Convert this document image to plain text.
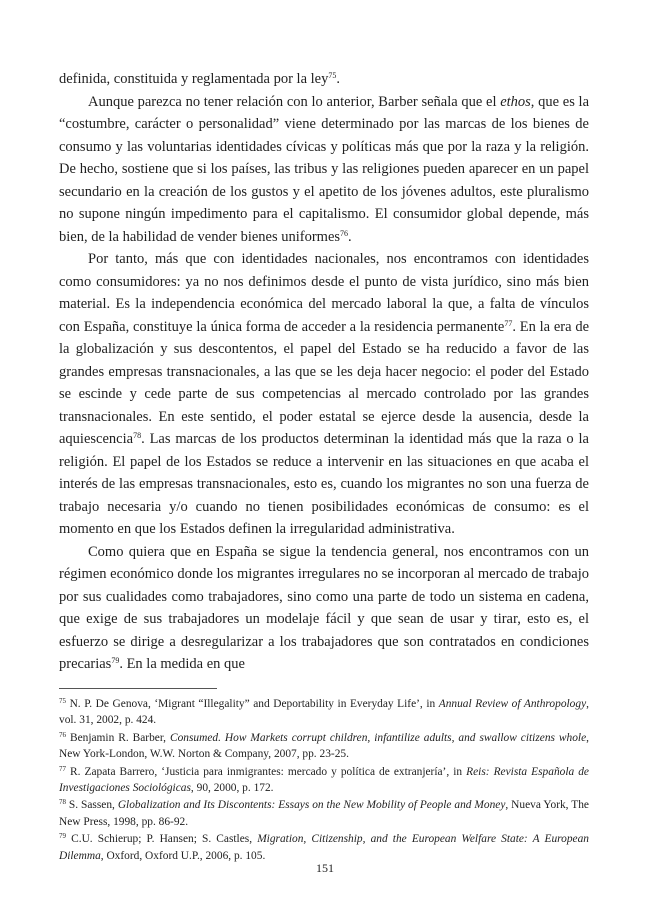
definida, constituida y reglamentada por la ley$^{75}$.

Aunque parezca no tener relación con lo anterior, Barber señala que el ethos, que es la “costumbre, carácter o personalidad” viene determinado por las marcas de los bienes de consumo y las voluntarias identidades cívicas y políticas más que por la raza y la religión. De hecho, sostiene que si los países, las tribus y las religiones pueden aparecer en un papel secundario en la creación de los gustos y el apetito de los jóvenes adultos, este pluralismo no supone ningún impedimento para el capitalismo. El consumidor global depende, más bien, de la habilidad de vender bienes uniformes$^{76}$.

Por tanto, más que con identidades nacionales, nos encontramos con identidades como consumidores: ya no nos definimos desde el punto de vista jurídico, sino más bien material. Es la independencia económica del mercado laboral la que, a falta de vínculos con España, constituye la única forma de acceder a la residencia permanente$^{77}$. En la era de la globalización y sus descontentos, el papel del Estado se ha reducido a favor de las grandes empresas transnacionales, a las que se les deja hacer negocio: el poder del Estado se escinde y cede parte de sus competencias al mercado controlado por las grandes transnacionales. En este sentido, el poder estatal se ejerce desde la ausencia, desde la aquiescencia$^{78}$. Las marcas de los productos determinan la identidad más que la raza o la religión. El papel de los Estados se reduce a intervenir en las situaciones en que acaba el interés de las empresas transnacionales, esto es, cuando los migrantes no son una fuerza de trabajo necesaria y/o cuando no tienen posibilidades económicas de consumo: es el momento en que los Estados definen la irregularidad administrativa.

Como quiera que en España se sigue la tendencia general, nos encontramos con un régimen económico donde los migrantes irregulares no se incorporan al mercado de trabajo por sus cualidades como trabajadores, sino como una parte de todo un sistema en cadena, que exige de sus trabajadores un modelaje fácil y que sean de usar y tirar, esto es, el esfuerzo se dirige a desregularizar a los trabajadores que son contratados en condiciones precarias$^{79}$. En la medida en que

$^{75}$ N. P. De Genova, ‘Migrant “Illegality” and Deportability in Everyday Life’, in Annual Review of Anthropology, vol. 31, 2002, p. 424.

$^{76}$ Benjamin R. Barber, Consumed. How Markets corrupt children, infantilize adults, and swallow citizens whole, New York-London, W.W. Norton & Company, 2007, pp. 23-25.

$^{77}$ R. Zapata Barrero, ‘Justicia para inmigrantes: mercado y política de extranjería’, in Reis: Revista Española de Investigaciones Sociológicas, 90, 2000, p. 172.

$^{78}$ S. Sassen, Globalization and Its Discontents: Essays on the New Mobility of People and Money, Nueva York, The New Press, 1998, pp. 86-92.

$^{79}$ C.U. Schierup; P. Hansen; S. Castles, Migration, Citizenship, and the European Welfare State: A European Dilemma, Oxford, Oxford U.P., 2006, p. 105.

151
